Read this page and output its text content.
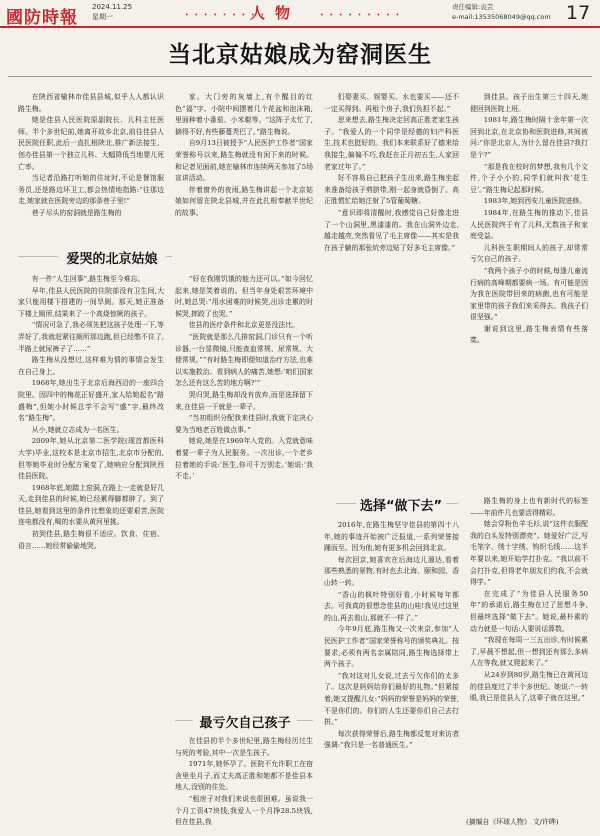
國防時報
2024.11.25
星期一	• • • • • • • • •
人物	• • • • • • • • •
责任编辑:袁芸
e-mail:13535068049@qq.com 17
当北京姑娘成为窑洞医生

在陕西省榆林市佳县县城,似乎人人都认识路生梅。

她是佳县人民医院原副院长、儿科主任医师。半个多世纪前,她离开故乡北京,前往佳县人民医院任职,此后一直扎根陕北,推广新法接生、创办佳县第一个独立儿科、大幅降低当地婴儿死亡率。

当记者沿路打听她的住址时,不论是餐馆服务员,还是路边环卫工,都会热情地指路:“往那边走,她家就在医院旁边的那条巷子里!”

巷子尽头的窑洞就是路生梅的

家。大门旁的灰墙上,有个醒目的红色“福”字。小院中间摆着几个花盆和泡沫箱,里面种着小番茄、小米椒等。“这阵子太忙了,摘得不好,有些藤蔓秃巴了。”路生梅说。

自9月13日被授予“人民医护工作者”国家荣誉称号以来,路生梅就没有闲下来的时候。和记者见面前,她在榆林市连续两天参加了5场宣讲活动。

伴着窗外的夜雨,路生梅讲起一个北京姑娘如何留在陕北县城,并在此扎根奉献半世纪的故事。

们娶妻买、娱婴买、水也要买——还不一定买得到。再租个房子,我们负担不起。”

思来想去,路生梅决定回高正胜老家生孩子。“我爱人的一个同学是经德的妇产科医生,技术也挺好的。我们本来联系好了德来给我接生,偏偏不巧,我赶在正月初五生,人家回老家过年了。”

好不容易自己把孩子生出来,路生梅坐起来准备给孩子剪脐带,刚一起身就昏倒了。高正胜慌忙给她注射了5管葡萄糖。

“意识即将清醒时,我感觉自己好像走进了一个山洞里,黑漆漆的。我在山洞外边走,越走越亮,突然看见了毛主席像——其实是我在孩子躺的那张炕旁边贴了好多毛主席像。”

到佳县。孩子出生第三十四天,她便回到医院上班。

1981年,路生梅时隔十余年第一次回到北京,在北京协和医院进修,其间被问:“你是北京人,为什么留在佳县?我打是个?”

“那是我在校时的梦想,我有几个文件,个子小小的,同学们就叫我‘花生豆’。”路生梅记起那时候。

1983年,她到西安儿童医院进修。

1984年,在路生梅的推动下,佳县人民医院终于有了儿科,无数孩子和家庭受益。

儿科医生职期间人的孩子,却常常亏欠自己的孩子。

“我两个孩子小的时候,每逢儿童流行病的高峰期都要病一场。有可能是因为我在医院带回来的病菌,也有可能是家里带的孩子我们来采得去。我孩子们很坚强。”

谢说到这里,路生梅表情有些落寞。

爱哭的北京姑娘

有一件“人生回事”,路生梅至今难忘。

早年,佳县人民医院的住院部没有卫生间,大家只能用楼下搭建的一间旱厕。那天,她正准备下楼上厕所,结果来了一个高烧惊厥的孩子。

“情况可急了,我必须先把这孩子处理一下,等弄好了,我就赶紧往厕所那边跑,但已经憋不住了,半路上就尿裤子了……”

路生梅从没想过,这样难为情的事情会发生在自己身上。

1968年,她出生于北京后海西沿的一座四合院里。因四中的梅花正好盛开,家人给她起名“路盛梅”,但她小时候总学不会写“盛”字,最终改名“路生梅”。

从小,她就立志成为一名医生。

2009年,她从北京第二医学院(现首都医科大学)毕业,这校本是北京市招生,北京市分配的,但等她毕业时分配方案变了,她响应分配到陕西佳县医院。

1968年底,她踏上窑洞,在路上一走就是好几天,走到佳县的时候,她已经累得脚都肿了。到了佳县,她看到这里的条件比想象的还要艰苦,医院连电都没有,喝的水要从黄河里挑。

初到佳县,路生梅很不适应。饮食、住宿、语言……她经常偷偷地哭。

“好在我刚饥饿的能力还可以。”如今回忆起来,她是笑着说的。但当年身处艰苦环境中时,她总哭:“用水困难的时候哭,出诊走累的时候哭,摔跤了也哭。”

佳县的医疗条件和北京更是没法比。

“医院就是那么几排窑洞,门诊只有一个听诊器,一台显微镜,只能查血常规、尿常规、大便常规。”“有时路生梅即便知道治疗方法,也难以实施救治。看到病人的痛苦,她想:‘咱们国家怎么还有这么苦的地方啊?’”

哭归哭,路生梅却没有放弃,而是选择留下来,在佳县一干就是一辈子。

“当初组织分配我来佳县时,我就下定决心要为当地老百姓做点事。”

她说,她是在1969年入党的。入党就意味着要一辈子为人民服务。一次出诊,一个老乡拉着她的手说:‘医生,你可千万别走。’她说:‘我不走。’

最亏欠自己孩子

在佳县的半个多世纪里,路生梅经历过生与死的考验,其中一次是生孩子。

1971年,她怀孕了。医院不允许职工在宿舍里坐月子,而丈夫高正胜和她都不是佳县本地人,没别的住处。

“租房子对我们来说也很困难。虽说我一个月工资47块钱,我爱人一个月挣28.5块钱,但在佳县,我

选择“做下去”

2016年,在路生梅坚守佳县的第四十八年,她的事迹开始被广泛报道,一系列荣誉接踵而至。因为他,她有更多机会回到北京。

每次回京,她喜欢在后海边儿溜达,看着那些熟悉的景物,有时也去北海、颐和园、香山转一转。

“香山的枫叶特别好看,小时候每年都去。可我真的很想念佳县的山哇!我见过这里的山,再去看山,那就不一样了。”

今年9月底,路生梅又一次来京,参加“人民医护工作者”国家荣誉称号的颁奖典礼。按要求,必须有两名亲属陪同,路生梅选择带上两个孩子。

“我对这对儿女说,过去亏欠你们的太多了。这次是妈妈给你们最好的礼物。”但紧接着,她又提醒儿女:“妈妈的荣誉是妈妈的荣誉,不是你们的。你们的人生还要你们自己去打拼。”

每次获得荣誉后,路生梅都反复对来访者强调:“我只是一名普通医生。”

路生梅的身上也有新时代的标签——年前件几也要活得精彩。

她会穿粉色羊毛衫,说“这件衣服配我的白头发特别漂亮”。她爱好广泛,写毛笔字、绣十字绣、钩织毛线……这半年要以来,她开始学打扑克。“我以前不会打扑克,但得老年朋友们约我,不会就得学。”

在完成了“为佳县人民服务50年”的承诺后,路生梅在过了思想斗争,但最终选择“做下去”。她说,最朴素的动力就是一句话:人要说话算数。

“我现在每周一三五出诊,有时候累了,早晨不想起,但一想到还有那么多病人在等我,就又爬起来了。”

从24岁到80岁,路生梅已在黄河边的佳县度过了半个多世纪。她说:“一转眼,我已是佳县人了,这辈子就在这里。”

(摘编自《环球人物》 文/许晔)
